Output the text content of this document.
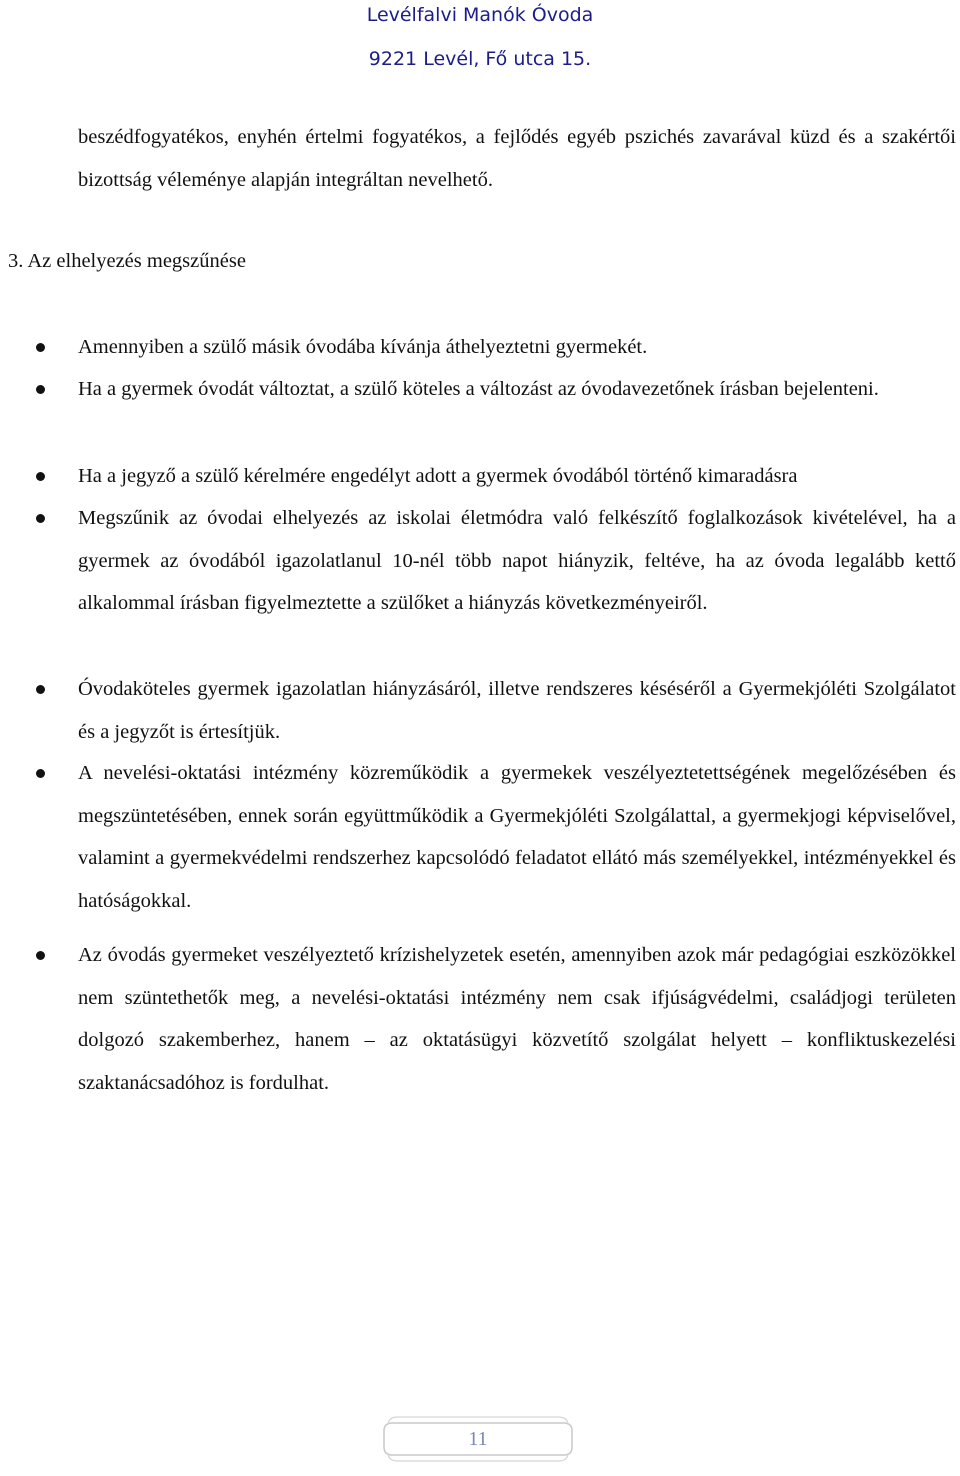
Levélfalvi Manók Óvoda
9221 Levél, Fő utca 15.
beszédfogyatékos, enyhén értelmi fogyatékos, a fejlődés egyéb pszichés zavarával küzd és a szakértői bizottság véleménye alapján integráltan nevelhető.
3. Az elhelyezés megszűnése
Amennyiben a szülő másik óvodába kívánja áthelyeztetni gyermekét.
Ha a gyermek óvodát változtat, a szülő köteles a változást az óvodavezetőnek írásban bejelenteni.
Ha a jegyző a szülő kérelmére engedélyt adott a gyermek óvodából történő kimaradásra
Megszűnik az óvodai elhelyezés az iskolai életmódra való felkészítő foglalkozások kivételével, ha a gyermek az óvodából igazolatlanul 10-nél több napot hiányzik, feltéve, ha az óvoda legalább kettő alkalommal írásban figyelmeztette a szülőket a hiányzás következményeiről.
Óvodaköteles gyermek igazolatlan hiányzásáról, illetve rendszeres késéséről a Gyermekjóléti Szolgálatot és a jegyzőt is értesítjük.
A nevelési-oktatási intézmény közreműködik a gyermekek veszélyeztetettségének megelőzésében és megszüntetésében, ennek során együttműködik a Gyermekjóléti Szolgálattal, a gyermekjogi képviselővel, valamint a gyermekvédelmi rendszerhez kapcsolódó feladatot ellátó más személyekkel, intézményekkel és hatóságokkal.
Az óvodás gyermeket veszélyeztető krízishelyzetek esetén, amennyiben azok már pedagógiai eszközökkel nem szüntethetők meg, a nevelési-oktatási intézmény nem csak ifjúságvédelmi, családjogi területen dolgozó szakemberhez, hanem – az oktatásügyi közvetítő szolgálat helyett – konfliktuskezelési szaktanácsadóhoz is fordulhat.
11
